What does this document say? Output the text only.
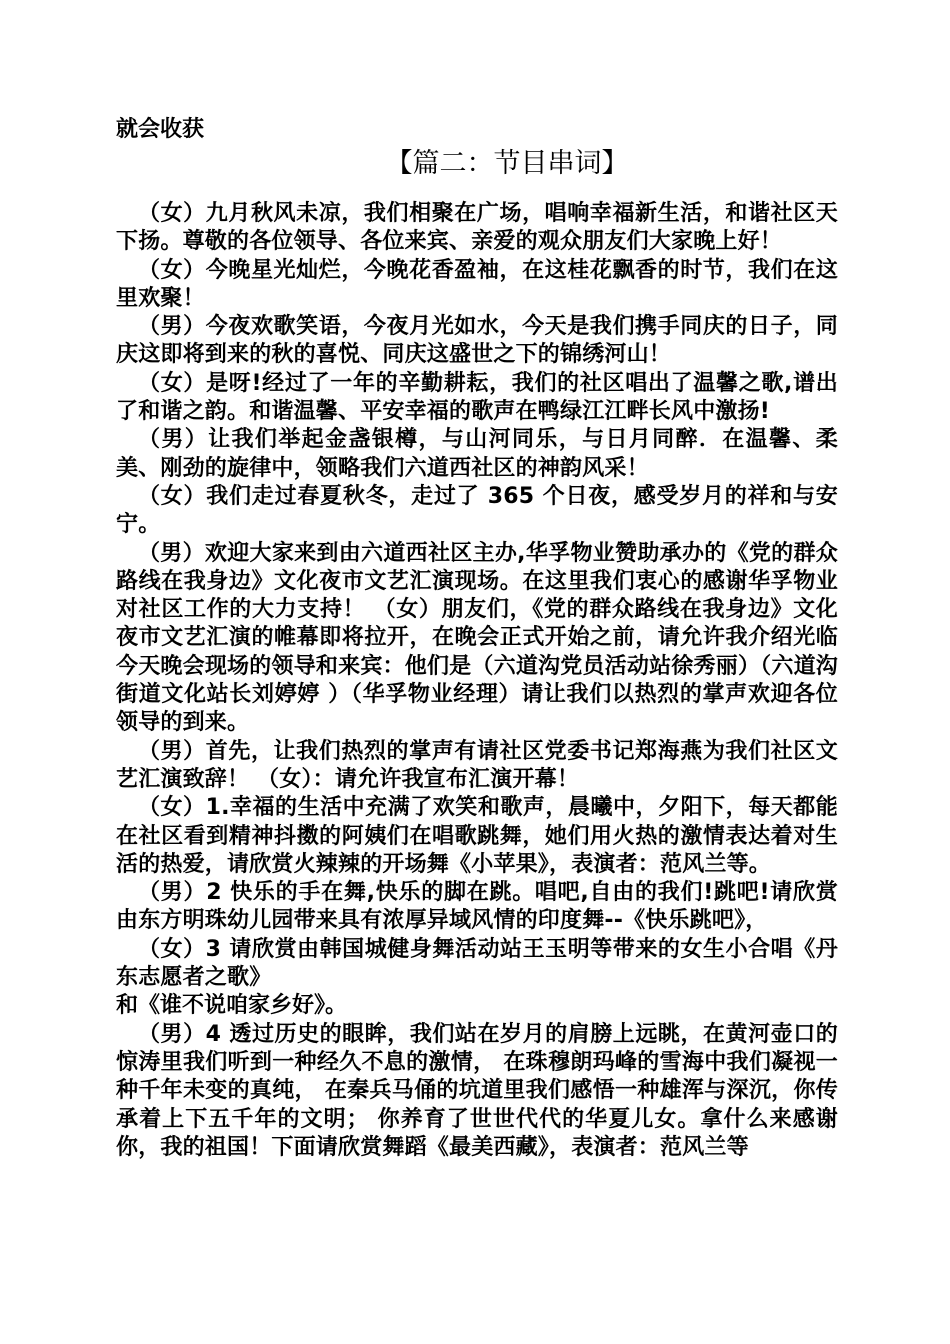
就会收获

【篇二：节目串词】

（女）九月秋风未凉，我们相聚在广场，唱响幸福新生活，和谐社区天下扬。尊敬的各位领导、各位来宾、亲爱的观众朋友们大家晚上好！

（女）今晚星光灿烂，今晚花香盈袖，在这桂花飘香的时节，我们在这里欢聚！

（男）今夜欢歌笑语，今夜月光如水，今天是我们携手同庆的日子，同庆这即将到来的秋的喜悦、同庆这盛世之下的锦绣河山！

（女）是呀!经过了一年的辛勤耕耘，我们的社区唱出了温馨之歌,谱出了和谐之韵。和谐温馨、平安幸福的歌声在鸭绿江江畔长风中激扬!

（男）让我们举起金盏银樽，与山河同乐，与日月同醉．在温馨、柔美、刚劲的旋律中，领略我们六道西社区的神韵风采！

（女）我们走过春夏秋冬，走过了 365 个日夜，感受岁月的祥和与安宁。

（男）欢迎大家来到由六道西社区主办,华孚物业赞助承办的《党的群众路线在我身边》文化夜市文艺汇演现场。在这里我们衷心的感谢华孚物业对社区工作的大力支持！ （女）朋友们，《党的群众路线在我身边》文化夜市文艺汇演的帷幕即将拉开，在晚会正式开始之前，请允许我介绍光临今天晚会现场的领导和来宾：他们是（六道沟党员活动站徐秀丽）（六道沟街道文化站长刘婷婷 ）（华孚物业经理）请让我们以热烈的掌声欢迎各位领导的到来。

（男）首先，让我们热烈的掌声有请社区党委书记郑海燕为我们社区文艺汇演致辞！ （女）：请允许我宣布汇演开幕！

（女）1.幸福的生活中充满了欢笑和歌声，晨曦中，夕阳下，每天都能在社区看到精神抖擞的阿姨们在唱歌跳舞，她们用火热的激情表达着对生活的热爱，请欣赏火辣辣的开场舞《小苹果》，表演者：范风兰等。

（男）2 快乐的手在舞,快乐的脚在跳。唱吧,自由的我们!跳吧!请欣赏由东方明珠幼儿园带来具有浓厚异域风情的印度舞--《快乐跳吧》，

（女）3 请欣赏由韩国城健身舞活动站王玉明等带来的女生小合唱《丹东志愿者之歌》

和《谁不说咱家乡好》。

（男）4 透过历史的眼眸，我们站在岁月的肩膀上远眺，在黄河壶口的惊涛里我们听到一种经久不息的激情， 在珠穆朗玛峰的雪海中我们凝视一种千年未变的真纯， 在秦兵马俑的坑道里我们感悟一种雄浑与深沉，你传承着上下五千年的文明； 你养育了世世代代的华夏儿女。拿什么来感谢你，我的祖国！下面请欣赏舞蹈《最美西藏》，表演者：范风兰等
